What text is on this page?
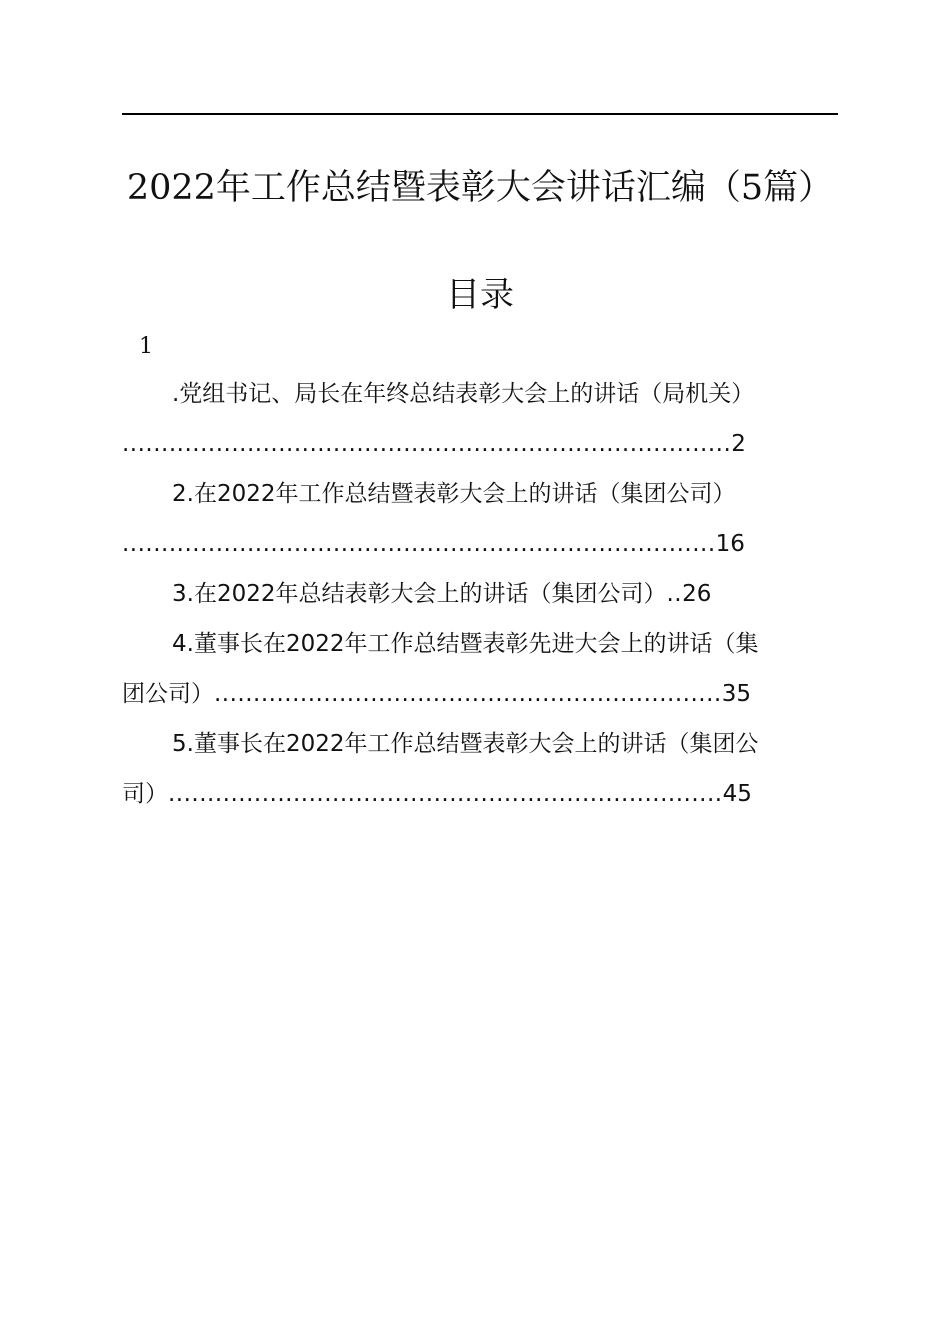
2022年工作总结暨表彰大会讲话汇编（5篇）
目录
1
.党组书记、局长在年终总结表彰大会上的讲话（局机关）
..............................................................................2
2.在2022年工作总结暨表彰大会上的讲话（集团公司）
............................................................................16
3.在2022年总结表彰大会上的讲话（集团公司）..26
4.董事长在2022年工作总结暨表彰先进大会上的讲话（集
团公司）.................................................................35
5.董事长在2022年工作总结暨表彰大会上的讲话（集团公
司）.......................................................................45
